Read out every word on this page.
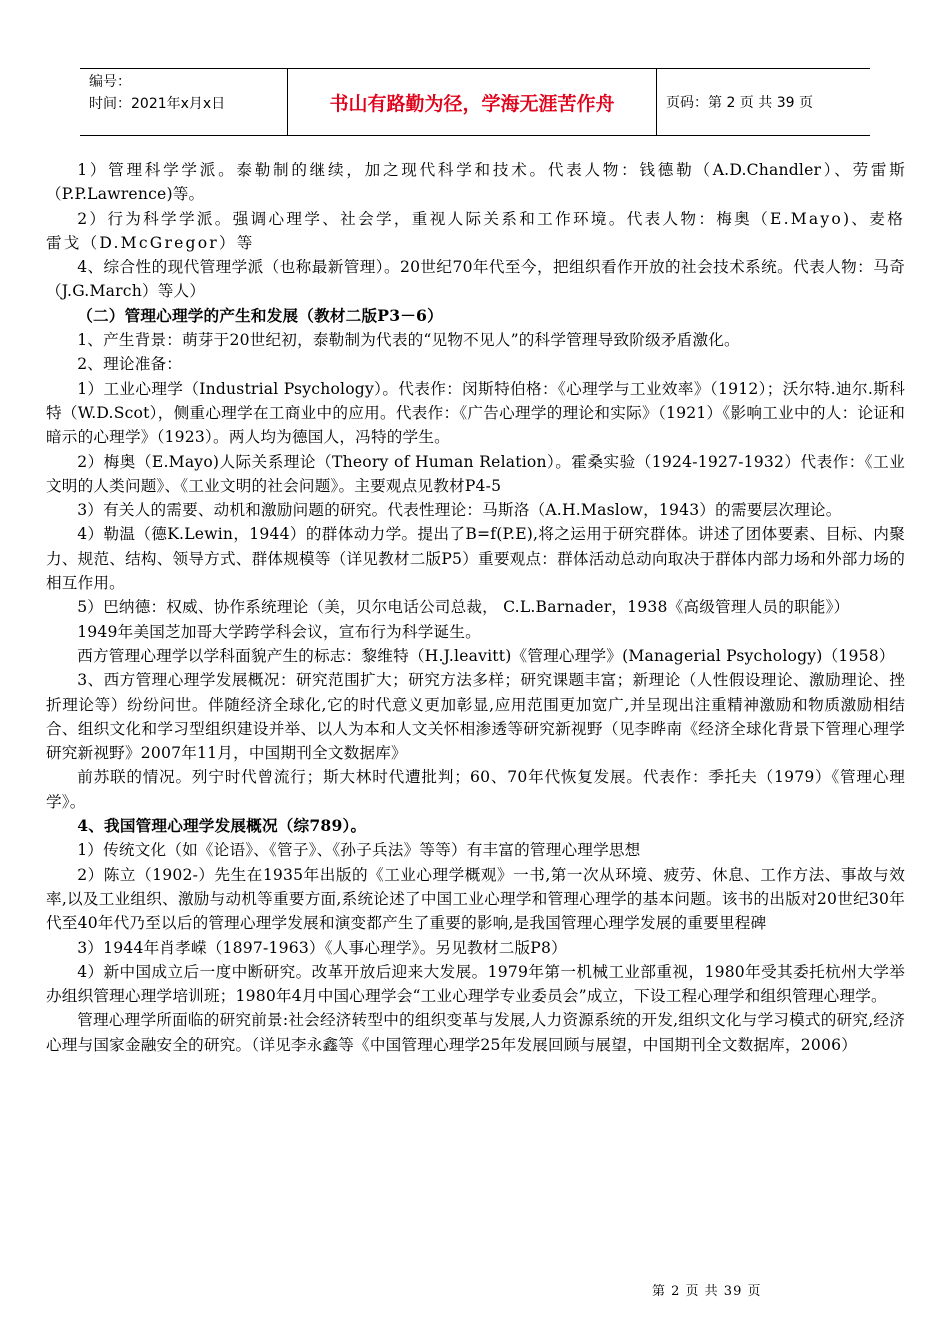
编号：
时间：2021年x月x日	书山有路勤为径，学海无涯苦作舟	页码：第 2 页 共 39 页

1）管理科学学派。泰勒制的继续，加之现代科学和技术。代表人物：钱德勒（A.D.Chandler）、劳雷斯（P.P.Lawrence)等。

2）行为科学学派。强调心理学、社会学，重视人际关系和工作环境。代表人物：梅奥（E.Mayo)、麦格雷戈（D.McGregor）等

4、综合性的现代管理学派（也称最新管理）。20世纪70年代至今，把组织看作开放的社会技术系统。代表人物：马奇（J.G.March）等人）

（二）管理心理学的产生和发展（教材二版P3－6）

1、产生背景：萌芽于20世纪初，泰勒制为代表的“见物不见人”的科学管理导致阶级矛盾激化。

2、理论准备：

1）工业心理学（Industrial Psychology）。代表作：闵斯特伯格：《心理学与工业效率》（1912）；沃尔特.迪尔.斯科特（W.D.Scot），侧重心理学在工商业中的应用。代表作：《广告心理学的理论和实际》（1921）《影响工业中的人：论证和暗示的心理学》（1923）。两人均为德国人，冯特的学生。

2）梅奥（E.Mayo)人际关系理论（Theory of Human Relation）。霍桑实验（1924-1927-1932）代表作：《工业文明的人类问题》、《工业文明的社会问题》。主要观点见教材P4-5

3）有关人的需要、动机和激励问题的研究。代表性理论：马斯洛（A.H.Maslow，1943）的需要层次理论。

4）勒温（德K.Lewin，1944）的群体动力学。提出了B=f(P.E),将之运用于研究群体。讲述了团体要素、目标、内聚力、规范、结构、领导方式、群体规模等（详见教材二版P5）重要观点：群体活动总动向取决于群体内部力场和外部力场的相互作用。

5）巴纳德：权威、协作系统理论（美，贝尔电话公司总裁， C.L.Barnader，1938《高级管理人员的职能》）

1949年美国芝加哥大学跨学科会议，宣布行为科学诞生。

西方管理心理学以学科面貌产生的标志：黎维特（H.J.leavitt)《管理心理学》(Managerial Psychology)（1958）

3、西方管理心理学发展概况：研究范围扩大；研究方法多样；研究课题丰富；新理论（人性假设理论、激励理论、挫折理论等）纷纷问世。伴随经济全球化,它的时代意义更加彰显,应用范围更加宽广,并呈现出注重精神激励和物质激励相结合、组织文化和学习型组织建设并举、以人为本和人文关怀相渗透等研究新视野（见李晔南《经济全球化背景下管理心理学研究新视野》2007年11月，中国期刊全文数据库》

前苏联的情况。列宁时代曾流行；斯大林时代遭批判；60、70年代恢复发展。代表作：季托夫（1979）《管理心理学》。

4、我国管理心理学发展概况（综789）。

1）传统文化（如《论语》、《管子》、《孙子兵法》等等）有丰富的管理心理学思想

2）陈立（1902-）先生在1935年出版的《工业心理学概观》一书,第一次从环境、疲劳、休息、工作方法、事故与效率,以及工业组织、激励与动机等重要方面,系统论述了中国工业心理学和管理心理学的基本问题。该书的出版对20世纪30年代至40年代乃至以后的管理心理学发展和演变都产生了重要的影响,是我国管理心理学发展的重要里程碑

3）1944年肖孝嵘（1897-1963）《人事心理学》。另见教材二版P8）

4）新中国成立后一度中断研究。改革开放后迎来大发展。1979年第一机械工业部重视，1980年受其委托杭州大学举办组织管理心理学培训班；1980年4月中国心理学会“工业心理学专业委员会”成立，下设工程心理学和组织管理心理学。

管理心理学所面临的研究前景:社会经济转型中的组织变革与发展,人力资源系统的开发,组织文化与学习模式的研究,经济心理与国家金融安全的研究。（详见李永鑫等《中国管理心理学25年发展回顾与展望，中国期刊全文数据库，2006）

第 2 页 共 39 页
